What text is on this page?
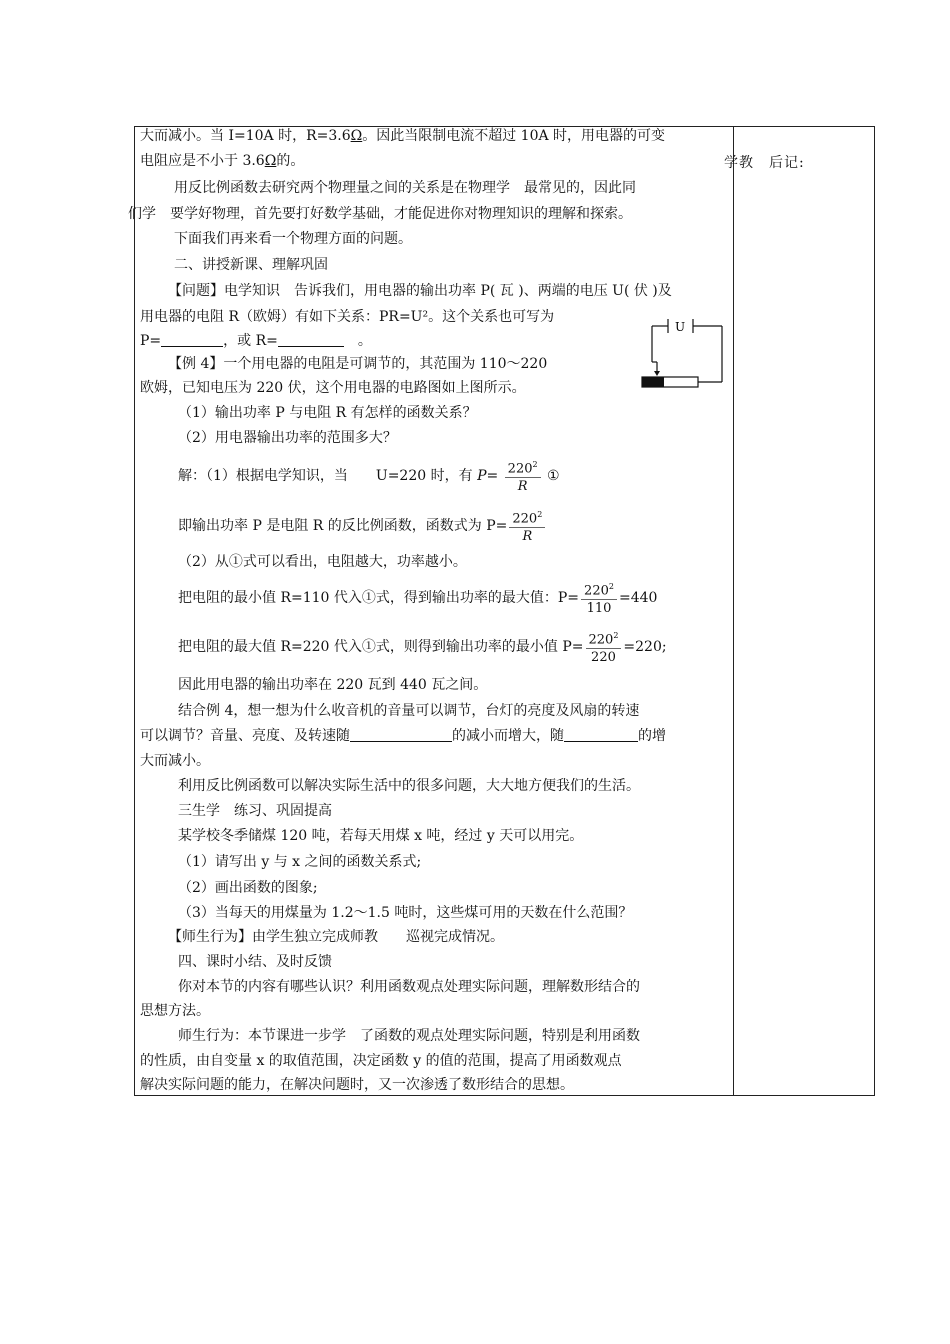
学教　后记:
大而减小。当 I=10A 时，R=3.6Ω。因此当限制电流不超过 10A 时，用电器的可变
电阻应是不小于 3.6Ω的。
用反比例函数去研究两个物理量之间的关系是在物理学　最常见的，因此同
们学　要学好物理，首先要打好数学基础，才能促进你对物理知识的理解和探索。
下面我们再来看一个物理方面的问题。
二、讲授新课、理解巩固
【问题】电学知识　告诉我们，用电器的输出功率 P( 瓦 )、两端的电压 U( 伏 )及
用电器的电阻 R（欧姆）有如下关系：PR=U²。这个关系也可写为
P=	，或 R=	。
【例 4】一个用电器的电阻是可调节的，其范围为 110～220
欧姆，已知电压为 220 伏，这个用电器的电路图如上图所示。
（1）输出功率 P 与电阻 R 有怎样的函数关系？
（2）用电器输出功率的范围多大？
解：（1）根据电学知识，当　　U=220 时，有 $P= \frac{220^2}{R}$ ①
即输出功率 P 是电阻 R 的反比例函数，函数式为 $P= \frac{220^2}{R}$
（2）从①式可以看出，电阻越大，功率越小。
把电阻的最小值 R=110 代入①式，得到输出功率的最大值：$P= \frac{220^2}{110} =440$
把电阻的最大值 R=220 代入①式，则得到输出功率的最小值 $P= \frac{220^2}{220} =220$;
因此用电器的输出功率在 220 瓦到 440 瓦之间。
结合例 4，想一想为什么收音机的音量可以调节，台灯的亮度及风扇的转速
可以调节？音量、亮度、及转速随	的减小而增大，随	的增
大而减小。
利用反比例函数可以解决实际生活中的很多问题，大大地方便我们的生活。
三生学　练习、巩固提高
某学校冬季储煤 120 吨，若每天用煤 x 吨，经过 y 天可以用完。
（1）请写出 y 与 x 之间的函数关系式;
（2）画出函数的图象;
（3）当每天的用煤量为 1.2～1.5 吨时，这些煤可用的天数在什么范围？
【师生行为】由学生独立完成师教　　巡视完成情况。
四、课时小结、及时反馈
你对本节的内容有哪些认识？利用函数观点处理实际问题，理解数形结合的
思想方法。
师生行为：本节课进一步学　了函数的观点处理实际问题，特别是利用函数
的性质，由自变量 x 的取值范围，决定函数 y 的值的范围，提高了用函数观点
解决实际问题的能力，在解决问题时，又一次渗透了数形结合的思想。
U
